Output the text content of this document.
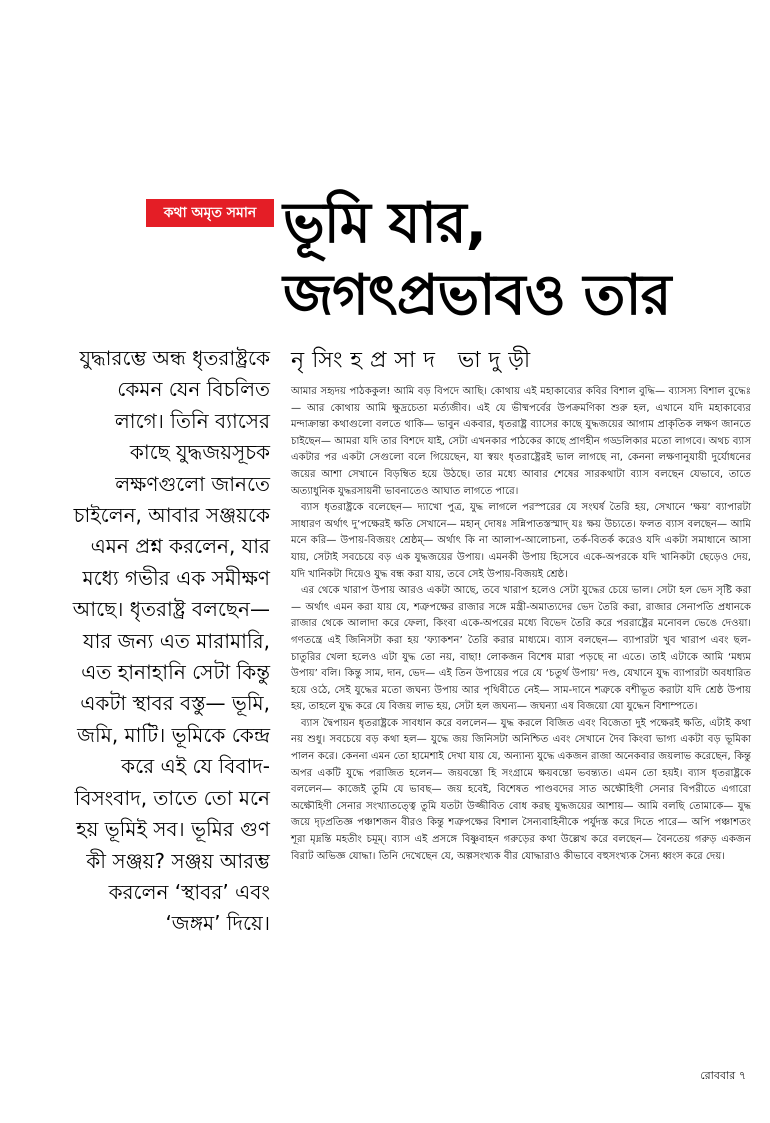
কথা অমৃত সমান ভূমি যার,
জগৎপ্রভাবও তার
যুদ্ধারম্ভে অন্ধ ধৃতরাষ্ট্রকে কেমন যেন বিচলিত লাগে। তিনি ব্যাসের কাছে যুদ্ধজয়সূচক লক্ষণগুলো জানতে চাইলেন, আবার সঞ্জয়কে এমন প্রশ্ন করলেন, যার মধ্যে গভীর এক সমীক্ষণ আছে। ধৃতরাষ্ট্র বলছেন— যার জন্য এত মারামারি, এত হানাহানি সেটা কিন্তু একটা স্থাবর বস্তু— ভূমি, জমি, মাটি। ভূমিকে কেন্দ্র করে এই যে বিবাদ-বিসংবাদ, তাতে তো মনে হয় ভূমিই সব। ভূমির গুণ কী সঞ্জয়? সঞ্জয় আরম্ভ করলেন ‘স্থাবর’ এবং ‘জঙ্গম’ দিয়ে।
নৃসিংহপ্রসাদ ভাদুড়ী

আমার সহৃদয় পাঠককুল! আমি বড় বিপদে আছি। কোথায় এই মহাকাব্যের কবির বিশাল বুদ্ধি— ব্যাসস্য বিশাল বুদ্ধেঃ— আর কোথায় আমি ক্ষুদ্রচেতা মর্ত্যজীব। এই যে ভীষ্মপর্বের উপক্রমণিকা শুরু হল, এখানে যদি মহাকাব্যের মন্দাক্রান্তা কথাগুলো বলতে থাকি— ভাবুন একবার, ধৃতরাষ্ট্র ব্যাসের কাছে যুদ্ধজয়ের আগাম প্রাকৃতিক লক্ষণ জানতে চাইছেন— আমরা যদি তার বিশদে যাই, সেটা এখনকার পাঠকের কাছে প্রাণহীন গড্ডলিকার মতো লাগবে। অথচ ব্যাস একটার পর একটা সেগুলো বলে গিয়েছেন, যা স্বয়ং ধৃতরাষ্ট্রেরই ভাল লাগছে না, কেননা লক্ষণানুযায়ী দুর্যোধনের জয়ের আশা সেখানে বিড়ম্বিত হয়ে উঠছে। তার মধ্যে আবার শেষের সারকথাটা ব্যাস বলছেন যেভাবে, তাতে অত্যাধুনিক যুদ্ধরসায়নী ভাবনাতেও আঘাত লাগতে পারে।

ব্যাস ধৃতরাষ্ট্রকে বলেছেন— দ্যাখো পুত্র, যুদ্ধ লাগলে পরস্পরের যে সংঘর্ষ তৈরি হয়, সেখানে ‘ক্ষয়’ ব্যাপারটা সাধারণ অর্থাৎ দু’পক্ষেরই ক্ষতি সেখানে— মহান্ দোষঃ সন্নিপাতস্তস্মাদ্ যঃ ক্ষয় উচ্যতে। ফলত ব্যাস বলছেন— আমি মনে করি— উপায়-বিজয়ং শ্রেষ্ঠম্— অর্থাৎ কি না আলাপ-আলোচনা, তর্ক-বিতর্ক করেও যদি একটা সমাধানে আসা যায়, সেটাই সবচেয়ে বড় এক যুদ্ধজয়ের উপায়। এমনকী উপায় হিসেবে একে-অপরকে যদি খানিকটা ছেড়েও দেয়, যদি খানিকটা দিয়েও যুদ্ধ বন্ধ করা যায়, তবে সেই উপায়-বিজয়ই শ্রেষ্ঠ।

এর থেকে খারাপ উপায় আরও একটা আছে, তবে খারাপ হলেও সেটা যুদ্ধের চেয়ে ভাল। সেটা হল ভেদ সৃষ্টি করা— অর্থাৎ এমন করা যায় যে, শত্রুপক্ষের রাজার সঙ্গে মন্ত্রী-অমাত্যদের ভেদ তৈরি করা, রাজার সেনাপতি প্রধানকে রাজার থেকে আলাদা করে ফেলা, কিংবা একে-অপরের মধ্যে বিভেদ তৈরি করে পররাষ্ট্রের মনোবল ভেঙে দেওয়া। গণতন্ত্রে এই জিনিসটা করা হয় ‘ফ্যাকশন’ তৈরি করার মাধ্যমে। ব্যাস বলছেন— ব্যাপারটা খুব খারাপ এবং ছল-চাতুরির খেলা হলেও এটা যুদ্ধ তো নয়, বাছা! লোকজন বিশেষ মারা পড়ছে না এতে। তাই এটাকে আমি ‘মধ্যম উপায়’ বলি। কিন্তু সাম, দান, ভেদ— এই তিন উপায়ের পরে যে ‘চতুর্থ উপায়’ দণ্ড, যেখানে যুদ্ধ ব্যাপারটা অবধারিত হয়ে ওঠে, সেই যুদ্ধের মতো জঘন্য উপায় আর পৃথিবীতে নেই— সাম-দানে শত্রুকে বশীভূত করাটা যদি শ্রেষ্ঠ উপায় হয়, তাহলে যুদ্ধ করে যে বিজয় লাভ হয়, সেটা হল জঘন্য— জঘন্যা এষ বিজয়ো যো যুদ্ধেন বিশাম্পতে।

ব্যাস দ্বৈপায়ন ধৃতরাষ্ট্রকে সাবধান করে বললেন— যুদ্ধ করলে বিজিত এবং বিজেতা দুই পক্ষেরই ক্ষতি, এটাই কথা নয় শুধু। সবচেয়ে বড় কথা হল— যুদ্ধে জয় জিনিসটা অনিশ্চিত এবং সেখানে দৈব কিংবা ভাগ্য একটা বড় ভূমিকা পালন করে। কেননা এমন তো হামেশাই দেখা যায় যে, অন্যান্য যুদ্ধে একজন রাজা অনেকবার জয়লাভ করেছেন, কিন্তু অপর একটি যুদ্ধে পরাজিত হলেন— জয়বন্তো হি সংগ্রামে ক্ষয়বন্তো ভবন্ত্যত। এমন তো হয়ই। ব্যাস ধৃতরাষ্ট্রকে বললেন— কাজেই তুমি যে ভাবছ— জয় হবেই, বিশেষত পাণ্ডবদের সাত অক্ষৌহিণী সেনার বিপরীতে এগারো অক্ষৌহিণী সেনার সংখ্যাতত্ত্বে তুমি যতটা উজ্জীবিত বোধ করছ যুদ্ধজয়ের আশায়— আমি বলছি তোমাকে— যুদ্ধ জয়ে দৃঢ়প্রতিজ্ঞ পঞ্চাশজন বীরও কিন্তু শত্রুপক্ষের বিশাল সৈন্যবাহিনীকে পর্যুদস্ত করে দিতে পারে— অপি পঞ্চাশতং শূরা মৃদ্নন্তি মহতীং চমূম্। ব্যাস এই প্রসঙ্গে বিষ্ণুবাহন গরুড়ের কথা উল্লেখ করে বলছেন— বৈনতেয় গরুড় একজন বিরাট অভিজ্ঞ যোদ্ধা। তিনি দেখেছেন যে, অল্পসংখ্যক বীর যোদ্ধারাও কীভাবে বহুসংখ্যক সৈন্য ধ্বংস করে দেয়।

রোববার ৭
